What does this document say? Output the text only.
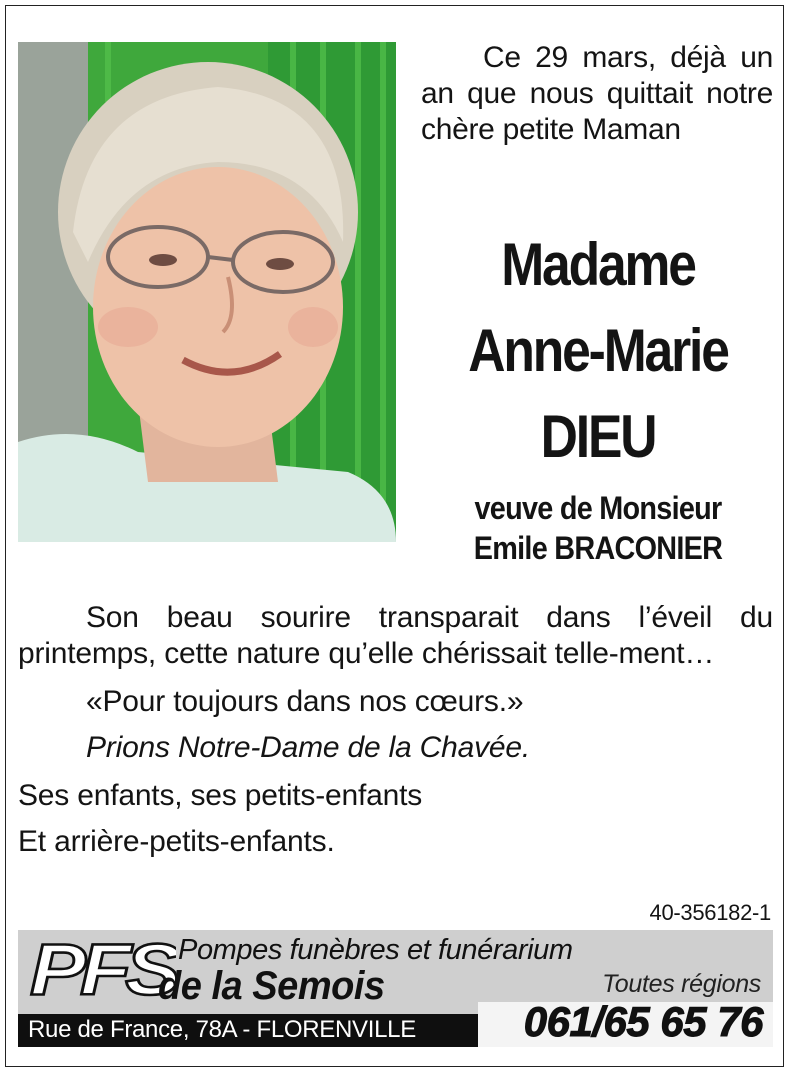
Ce 29 mars, déjà un an que nous quittait notre chère petite Maman
Madame
Anne-Marie
DIEU
veuve de Monsieur
Emile BRACONIER

Son beau sourire transparait dans l’éveil du printemps, cette nature qu’elle chérissait telle-ment…

«Pour toujours dans nos cœurs.»

Prions Notre-Dame de la Chavée.

Ses enfants, ses petits-enfants

Et arrière-petits-enfants.

40-356182-1
PFS Pompes funèbres et funérarium
de la Semois	Toutes régions
Rue de France, 78A - FLORENVILLE	061/65 65 76
